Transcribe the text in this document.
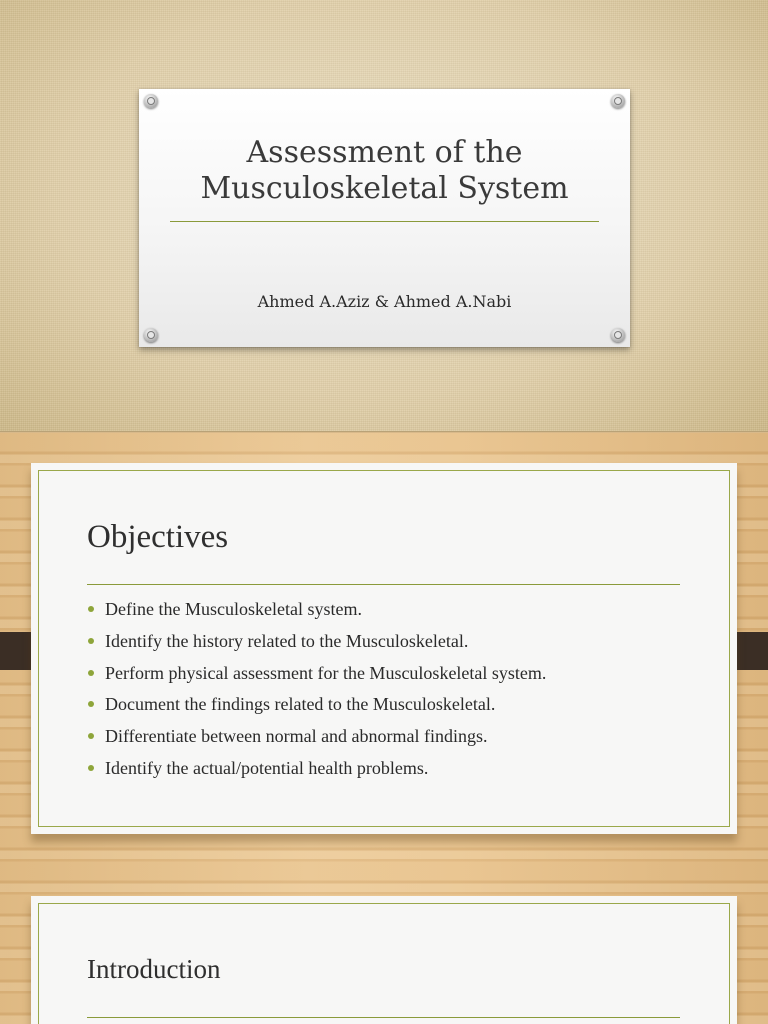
Assessment of the
Musculoskeletal System
Ahmed A.Aziz & Ahmed A.Nabi
Objectives
Define the Musculoskeletal system.
Identify the history related to the Musculoskeletal.
Perform physical assessment for the Musculoskeletal system.
Document the findings related to the Musculoskeletal.
Differentiate between normal and abnormal findings.
Identify the actual/potential health problems.
Introduction
